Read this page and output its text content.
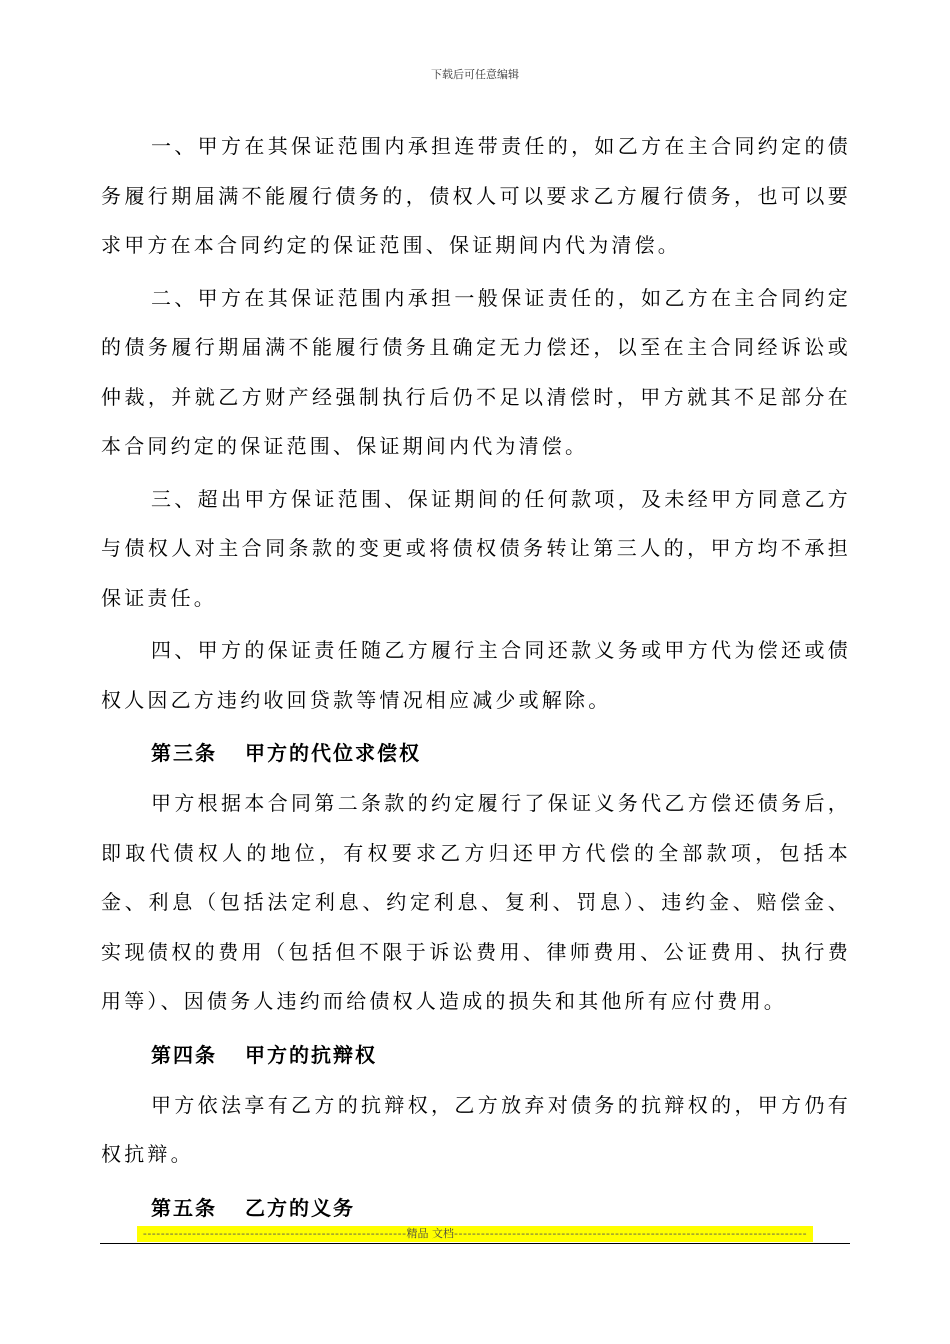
下载后可任意编辑

一、甲方在其保证范围内承担连带责任的，如乙方在主合同约定的债务履行期届满不能履行债务的，债权人可以要求乙方履行债务，也可以要求甲方在本合同约定的保证范围、保证期间内代为清偿。

二、甲方在其保证范围内承担一般保证责任的，如乙方在主合同约定的债务履行期届满不能履行债务且确定无力偿还，以至在主合同经诉讼或仲裁，并就乙方财产经强制执行后仍不足以清偿时，甲方就其不足部分在本合同约定的保证范围、保证期间内代为清偿。

三、超出甲方保证范围、保证期间的任何款项，及未经甲方同意乙方与债权人对主合同条款的变更或将债权债务转让第三人的，甲方均不承担保证责任。

四、甲方的保证责任随乙方履行主合同还款义务或甲方代为偿还或债权人因乙方违约收回贷款等情况相应减少或解除。

第三条 甲方的代位求偿权

甲方根据本合同第二条款的约定履行了保证义务代乙方偿还债务后，即取代债权人的地位，有权要求乙方归还甲方代偿的全部款项，包括本金、利息（包括法定利息、约定利息、复利、罚息）、违约金、赔偿金、实现债权的费用（包括但不限于诉讼费用、律师费用、公证费用、执行费用等）、因债务人违约而给债权人造成的损失和其他所有应付费用。

第四条 甲方的抗辩权

甲方依法享有乙方的抗辩权，乙方放弃对债务的抗辩权的，甲方仍有权抗辩。

第五条 乙方的义务

-----------------------------------------------------------精品 文档-------------------------------------------------------------------------------
